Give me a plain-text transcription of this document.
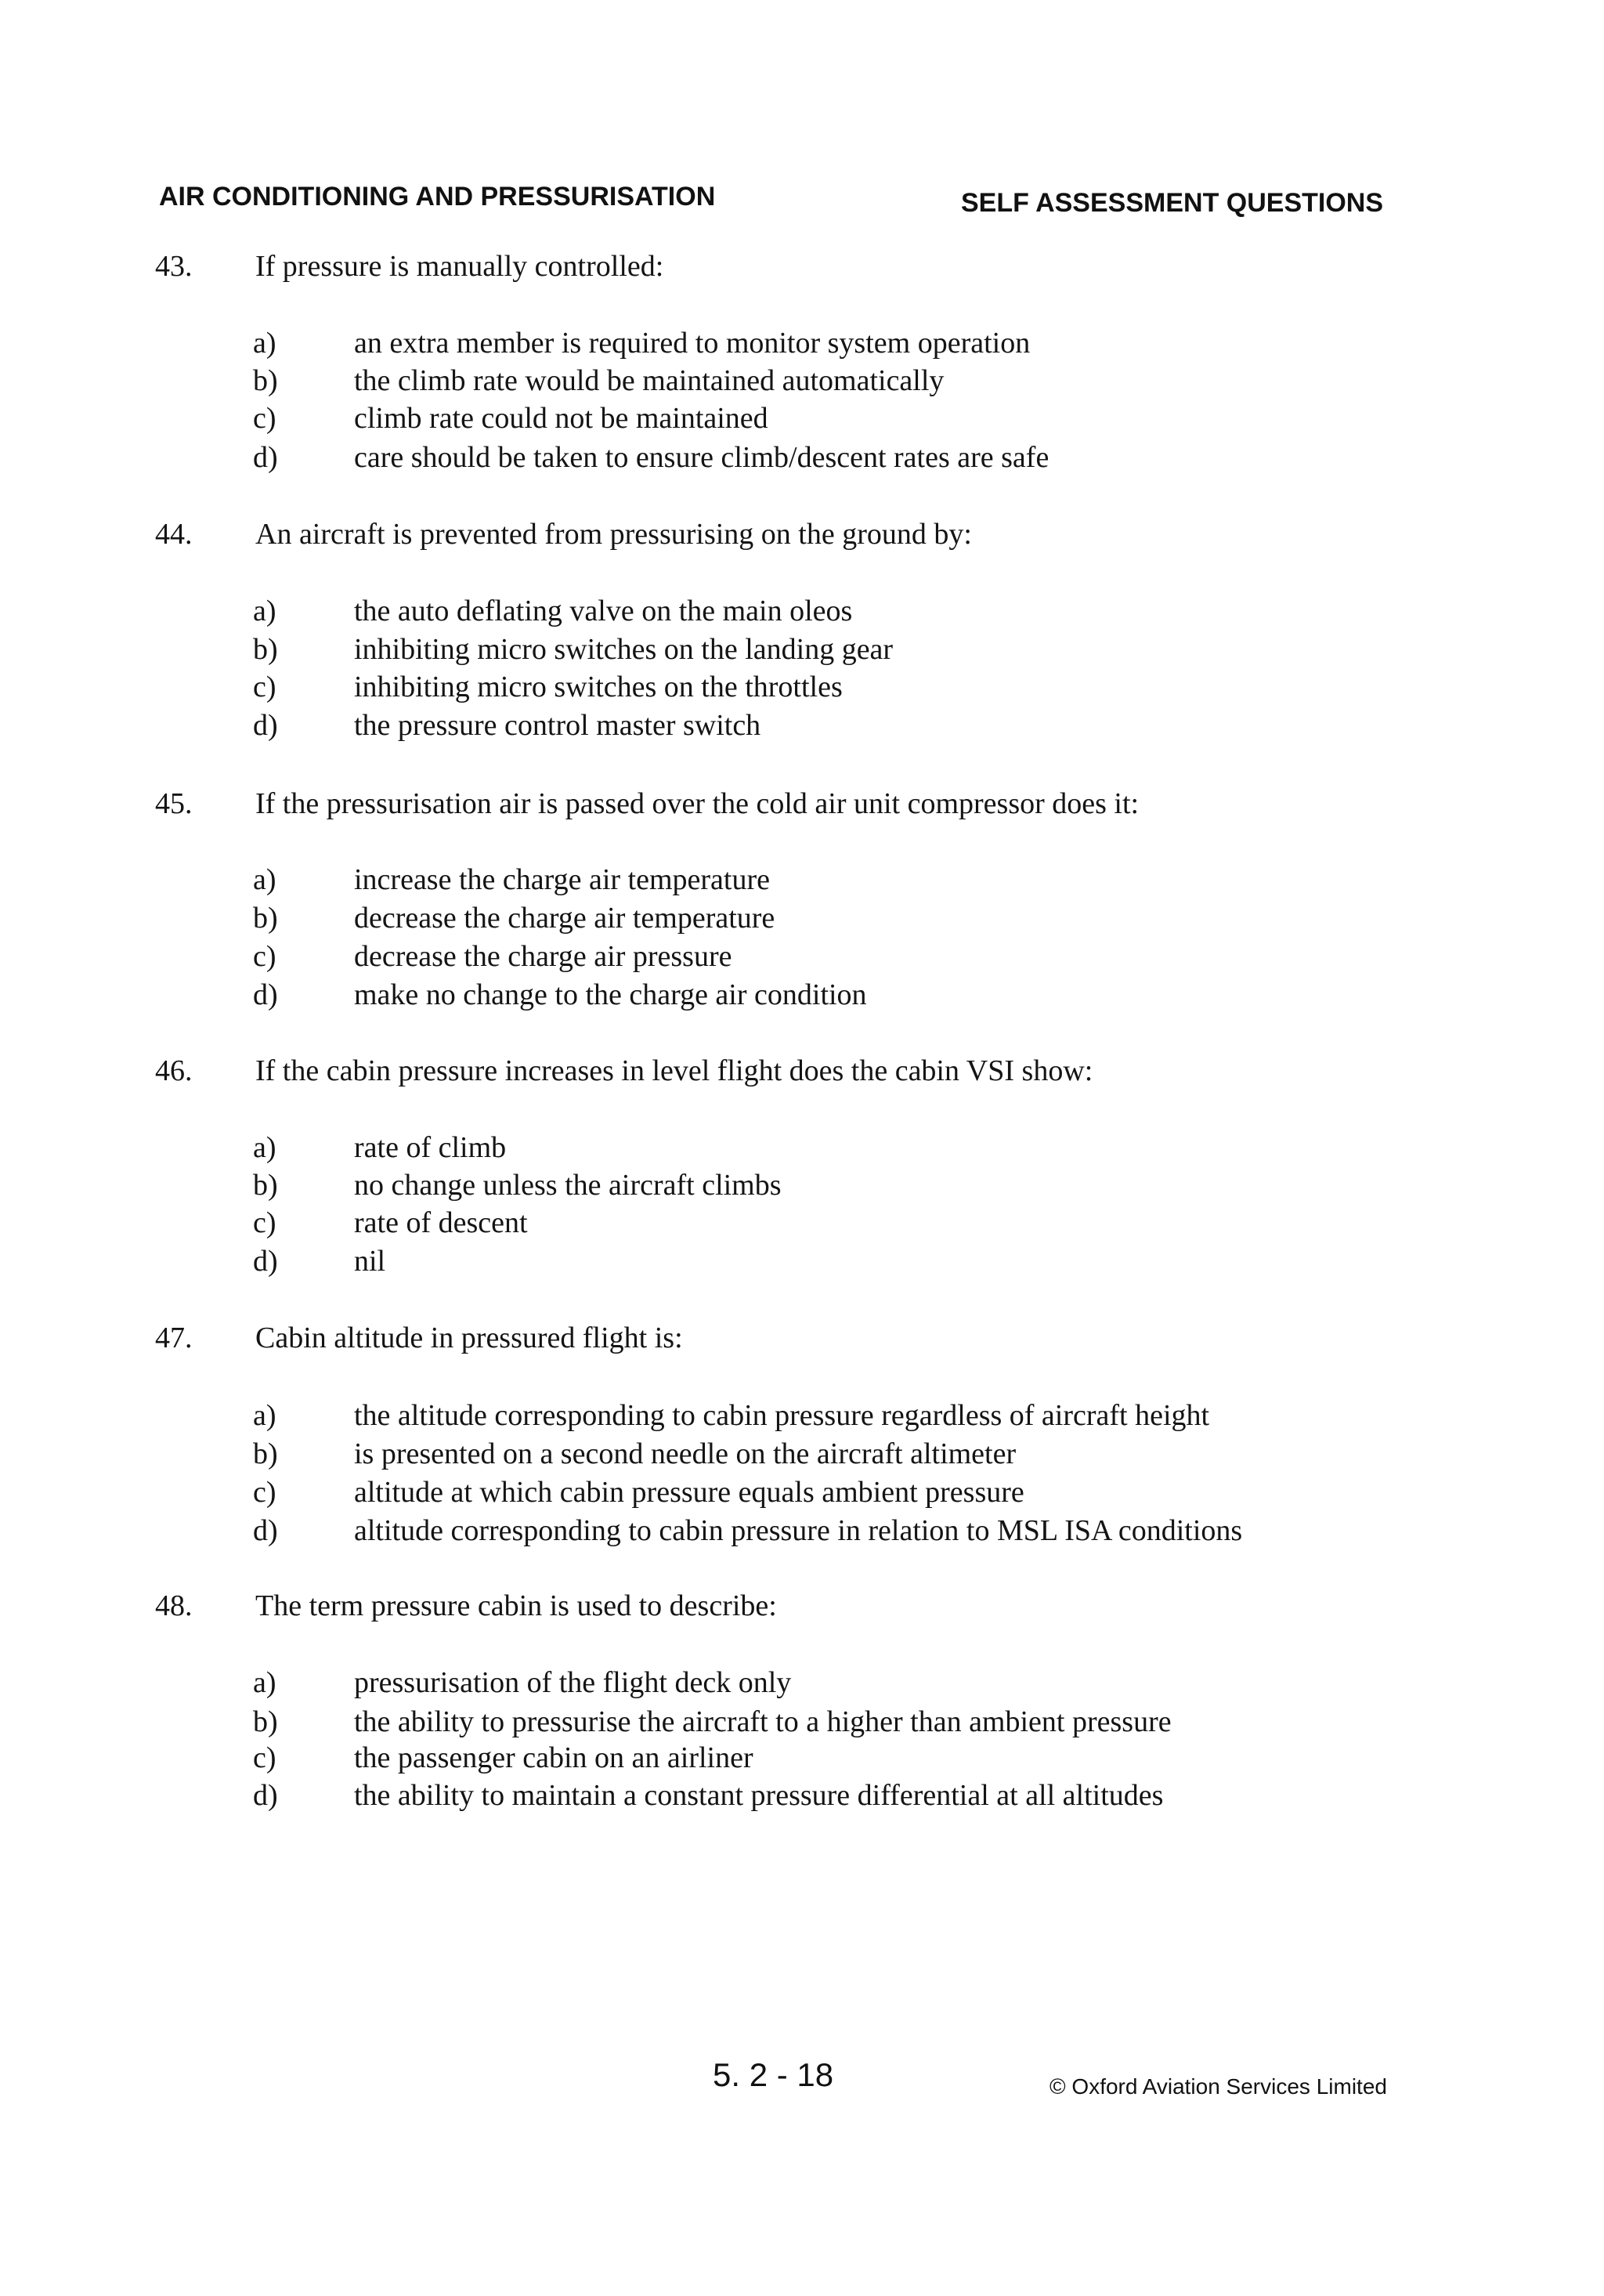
AIR CONDITIONING AND PRESSURISATION	SELF ASSESSMENT QUESTIONS
43. If pressure is manually controlled:
a)	an extra member is required to monitor system operation
b)	the climb rate would be maintained automatically
c)	climb rate could not be maintained
d)	care should be taken to ensure climb/descent rates are safe
44. An aircraft is prevented from pressurising on the ground by:
a)	the auto deflating valve on the main oleos
b)	inhibiting micro switches on the landing gear
c)	inhibiting micro switches on the throttles
d)	the pressure control master switch
45. If the pressurisation air is passed over the cold air unit compressor does it:
a)	increase the charge air temperature
b)	decrease the charge air temperature
c)	decrease the charge air pressure
d)	make no change to the charge air condition
46. If the cabin pressure increases in level flight does the cabin VSI show:
a)	rate of climb
b)	no change unless the aircraft climbs
c)	rate of descent
d)	nil
47. Cabin altitude in pressured flight is:
a)	the altitude corresponding to cabin pressure regardless of aircraft height
b)	is presented on a second needle on the aircraft altimeter
c)	altitude at which cabin pressure equals ambient pressure
d)	altitude corresponding to cabin pressure in relation to MSL ISA conditions
48. The term pressure cabin is used to describe:
a)	pressurisation of the flight deck only
b)	the ability to pressurise the aircraft to a higher than ambient pressure
c)	the passenger cabin on an airliner
d)	the ability to maintain a constant pressure differential at all altitudes
5. 2 - 18	© Oxford Aviation Services Limited
